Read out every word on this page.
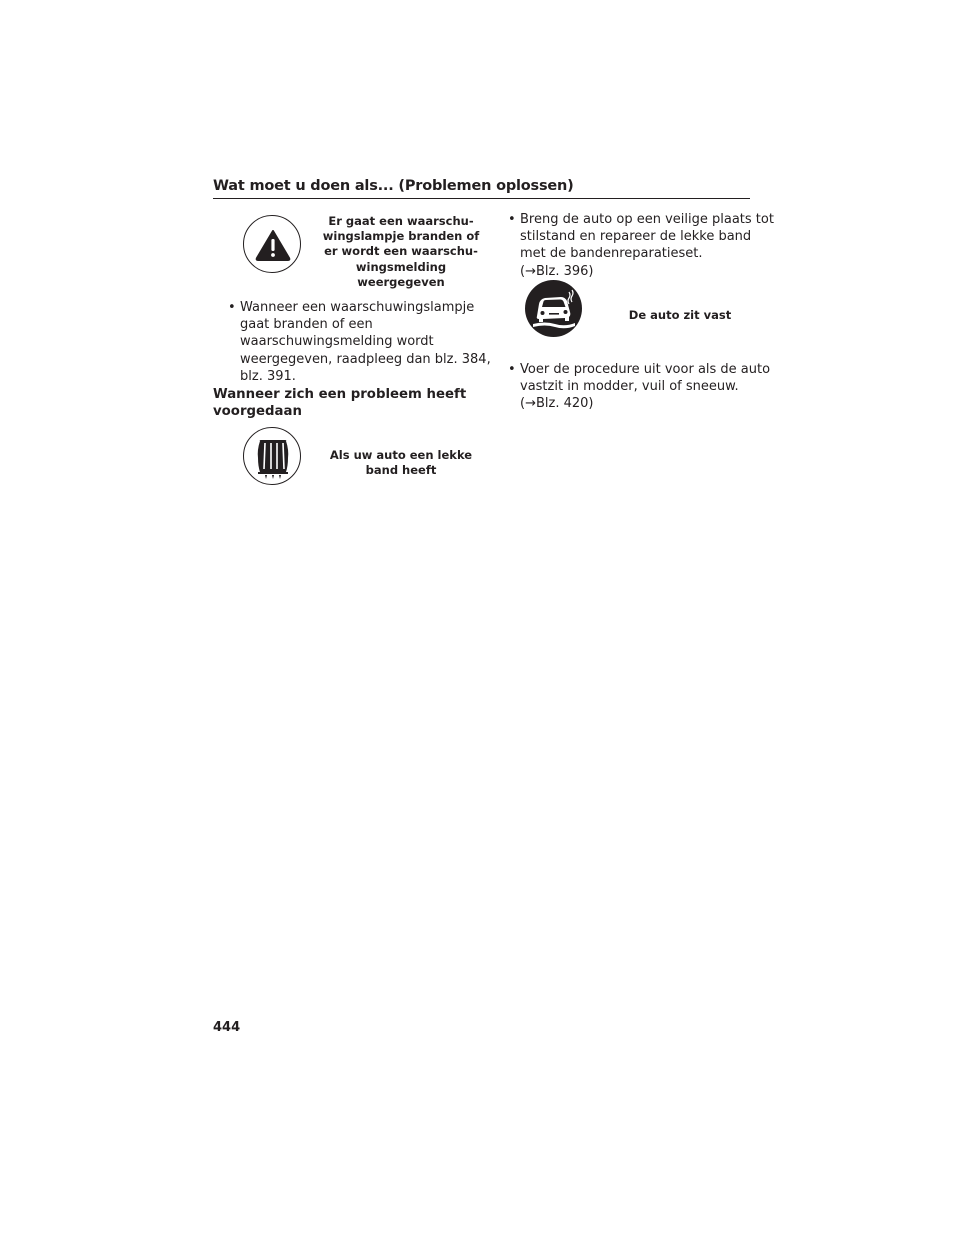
Wat moet u doen als... (Problemen oplossen)
Er gaat een waarschu-
wingslampje branden of
er wordt een waarschu-
wingsmelding
weergegeven
• Wanneer een waarschuwingslampje
gaat branden of een
waarschuwingsmelding wordt
weergegeven, raadpleeg dan blz. 384,
blz. 391.
Wanneer zich een probleem heeft
voorgedaan
Als uw auto een lekke
band heeft
• Breng de auto op een veilige plaats tot
stilstand en repareer de lekke band
met de bandenreparatieset.
(→Blz. 396)
De auto zit vast
• Voer de procedure uit voor als de auto
vastzit in modder, vuil of sneeuw.
(→Blz. 420)
444
